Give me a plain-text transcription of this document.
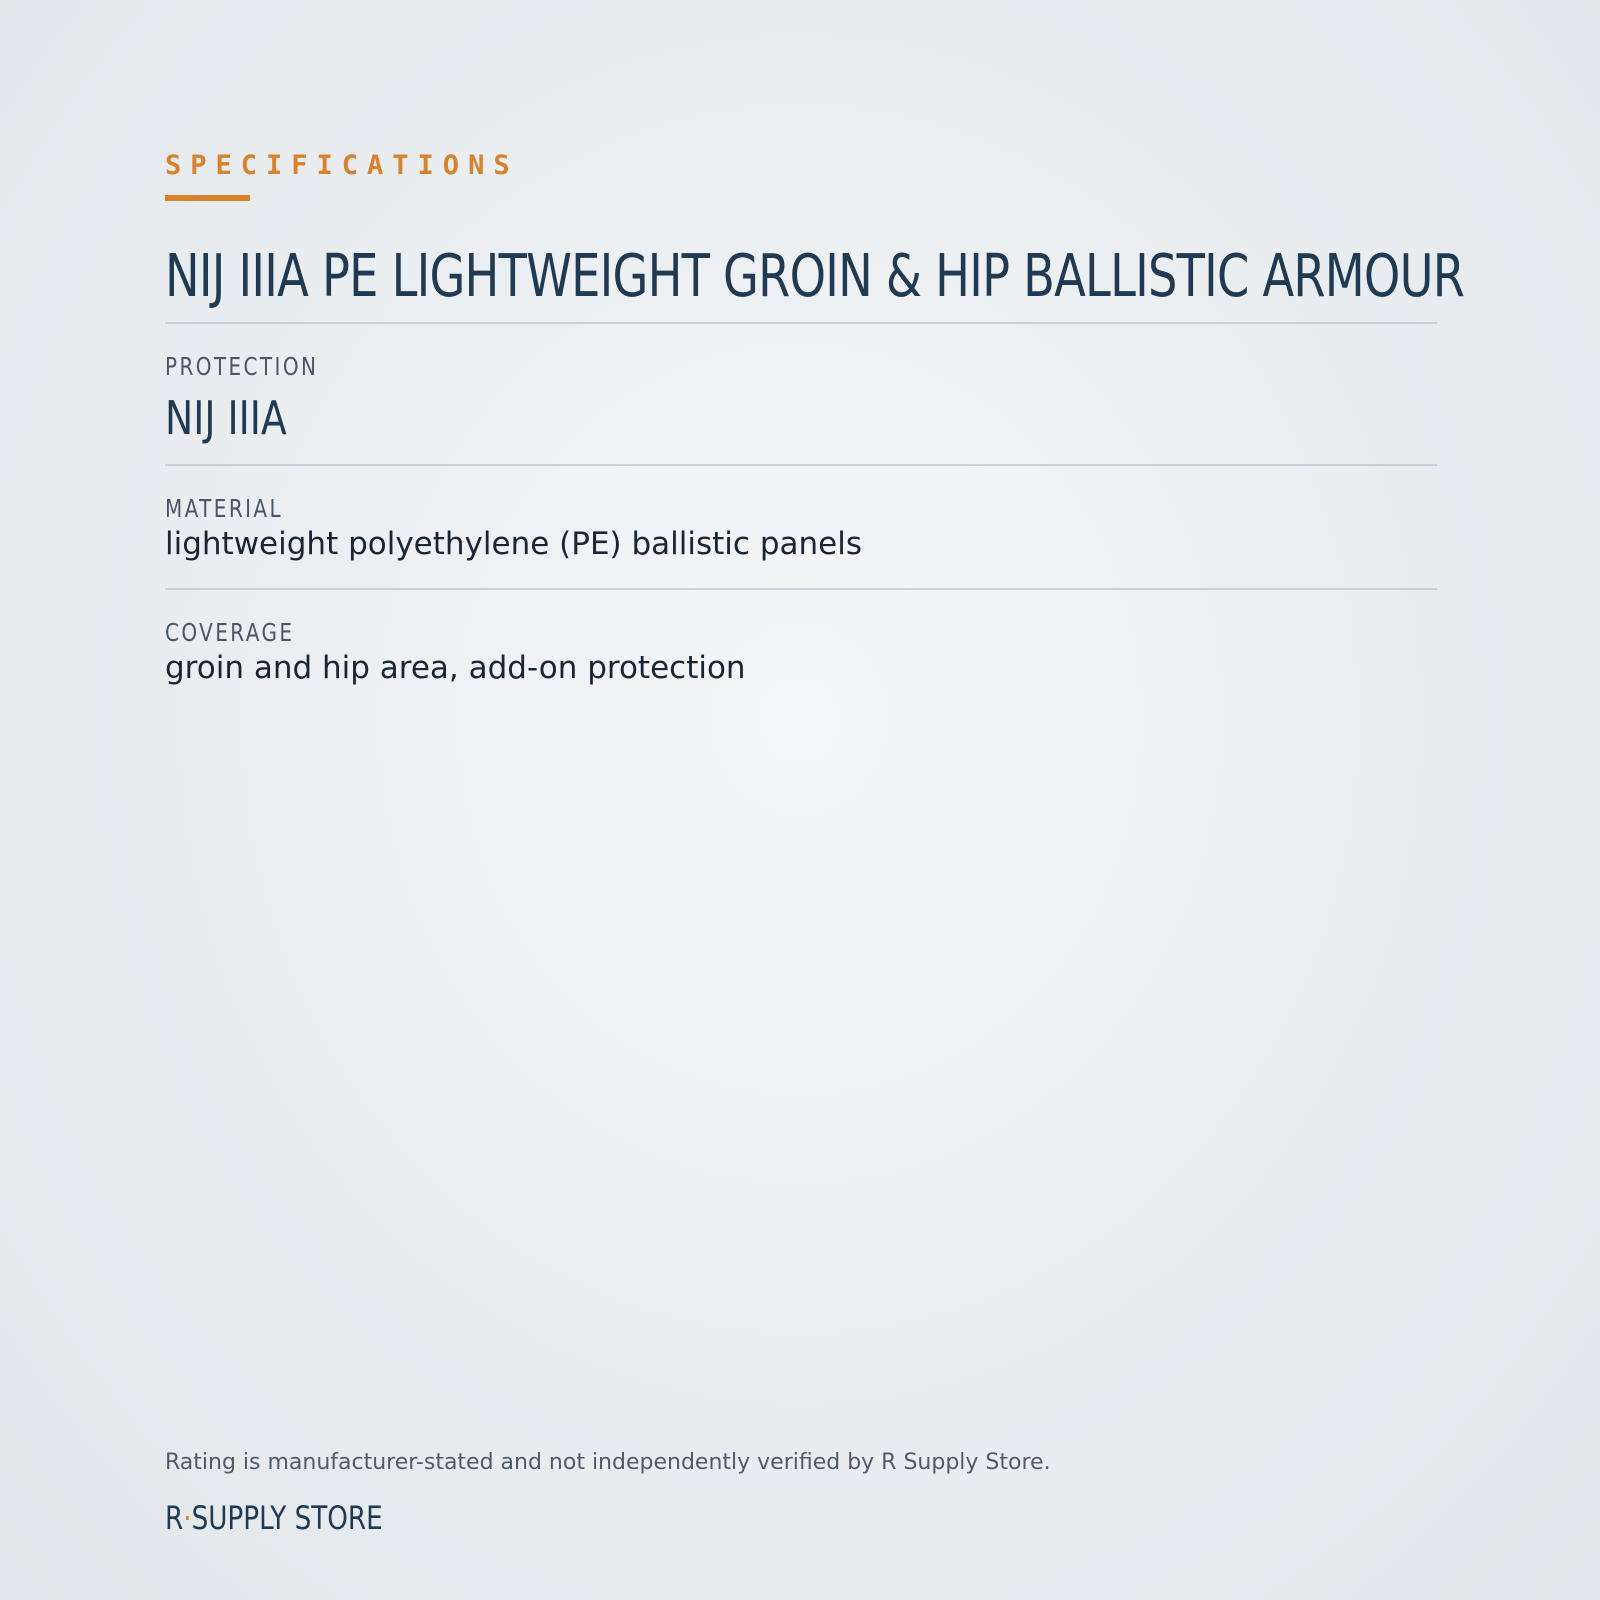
SPECIFICATIONS
NIJ IIIA PE LIGHTWEIGHT GROIN & HIP BALLISTIC ARMOUR
PROTECTION
NIJ IIIA
MATERIAL
lightweight polyethylene (PE) ballistic panels
COVERAGE
groin and hip area, add-on protection
Rating is manufacturer-stated and not independently verified by R Supply Store.
R·SUPPLY STORE
